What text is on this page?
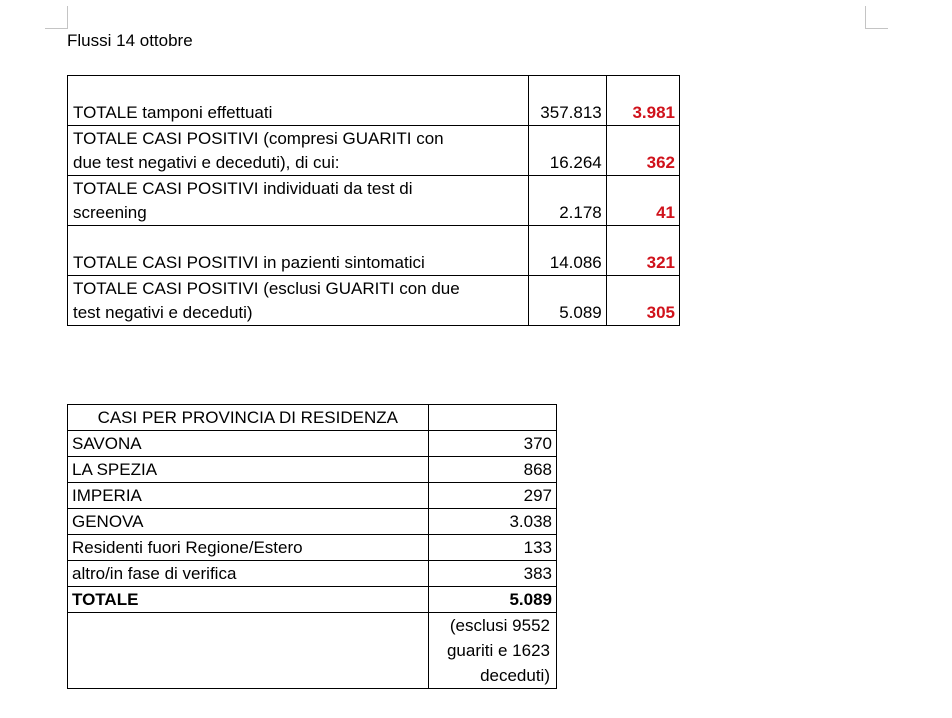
Flussi 14 ottobre
TOTALE tamponi effettuati	357.813	3.981
TOTALE CASI POSITIVI (compresi GUARITI con
due test negativi e deceduti), di cui:	16.264	362
TOTALE CASI POSITIVI individuati da test di
screening	2.178	41
TOTALE CASI POSITIVI in pazienti sintomatici	14.086	321
TOTALE CASI POSITIVI (esclusi GUARITI con due
test negativi e deceduti)	5.089	305
CASI PER PROVINCIA DI RESIDENZA	
SAVONA	370
LA SPEZIA	868
IMPERIA	297
GENOVA	3.038
Residenti fuori Regione/Estero	133
altro/in fase di verifica	383
TOTALE	5.089
	(esclusi 9552
guariti e 1623
deceduti)
